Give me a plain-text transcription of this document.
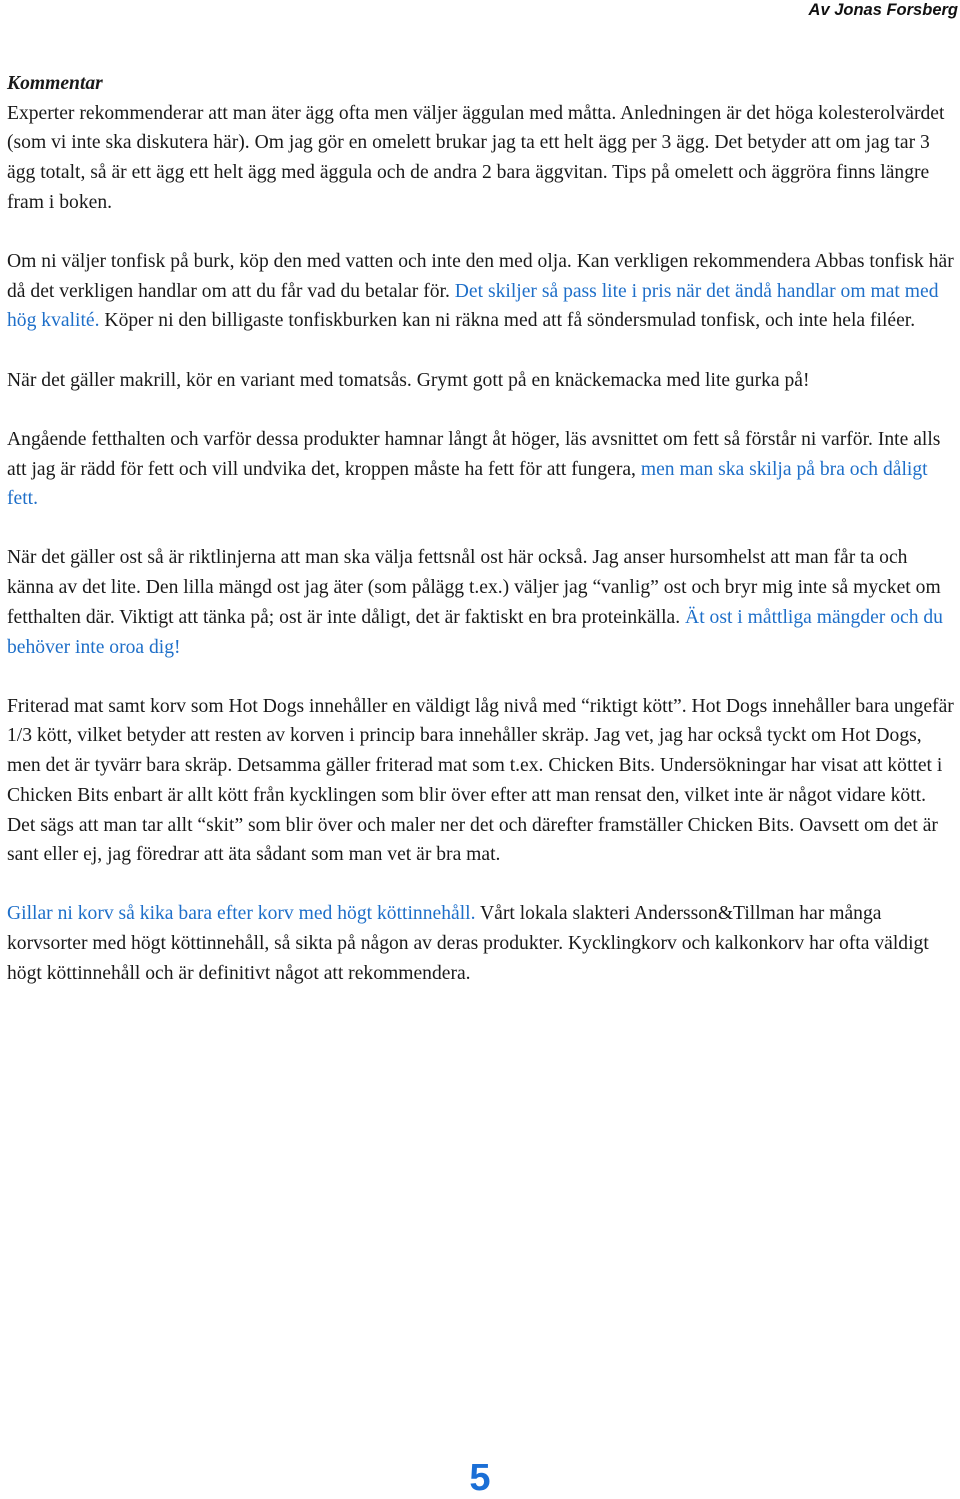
Av Jonas Forsberg

Kommentar

Experter rekommenderar att man äter ägg ofta men väljer äggulan med måtta. Anledningen är det höga kolesterolvärdet (som vi inte ska diskutera här). Om jag gör en omelett brukar jag ta ett helt ägg per 3 ägg. Det betyder att om jag tar 3 ägg totalt, så är ett ägg ett helt ägg med äggula och de andra 2 bara äggvitan. Tips på omelett och äggröra finns längre fram i boken.

Om ni väljer tonfisk på burk, köp den med vatten och inte den med olja. Kan verkligen rekommendera Abbas tonfisk här då det verkligen handlar om att du får vad du betalar för. Det skiljer så pass lite i pris när det ändå handlar om mat med hög kvalité. Köper ni den billigaste tonfiskburken kan ni räkna med att få söndersmulad tonfisk, och inte hela filéer.

När det gäller makrill, kör en variant med tomatsås. Grymt gott på en knäckemacka med lite gurka på!

Angående fetthalten och varför dessa produkter hamnar långt åt höger, läs avsnittet om fett så förstår ni varför. Inte alls att jag är rädd för fett och vill undvika det, kroppen måste ha fett för att fungera, men man ska skilja på bra och dåligt fett.

När det gäller ost så är riktlinjerna att man ska välja fettsnål ost här också. Jag anser hursomhelst att man får ta och känna av det lite. Den lilla mängd ost jag äter (som pålägg t.ex.) väljer jag “vanlig” ost och bryr mig inte så mycket om fetthalten där. Viktigt att tänka på; ost är inte dåligt, det är faktiskt en bra proteinkälla. Ät ost i måttliga mängder och du behöver inte oroa dig!

Friterad mat samt korv som Hot Dogs innehåller en väldigt låg nivå med “riktigt kött”. Hot Dogs innehåller bara ungefär 1/3 kött, vilket betyder att resten av korven i princip bara innehåller skräp. Jag vet, jag har också tyckt om Hot Dogs, men det är tyvärr bara skräp. Detsamma gäller friterad mat som t.ex. Chicken Bits. Undersökningar har visat att köttet i Chicken Bits enbart är allt kött från kycklingen som blir över efter att man rensat den, vilket inte är något vidare kött. Det sägs att man tar allt “skit” som blir över och maler ner det och därefter framställer Chicken Bits. Oavsett om det är sant eller ej, jag föredrar att äta sådant som man vet är bra mat.

Gillar ni korv så kika bara efter korv med högt köttinnehåll. Vårt lokala slakteri Andersson&Tillman har många korvsorter med högt köttinnehåll, så sikta på någon av deras produkter. Kycklingkorv och kalkonkorv har ofta väldigt högt köttinnehåll och är definitivt något att rekommendera.

5
